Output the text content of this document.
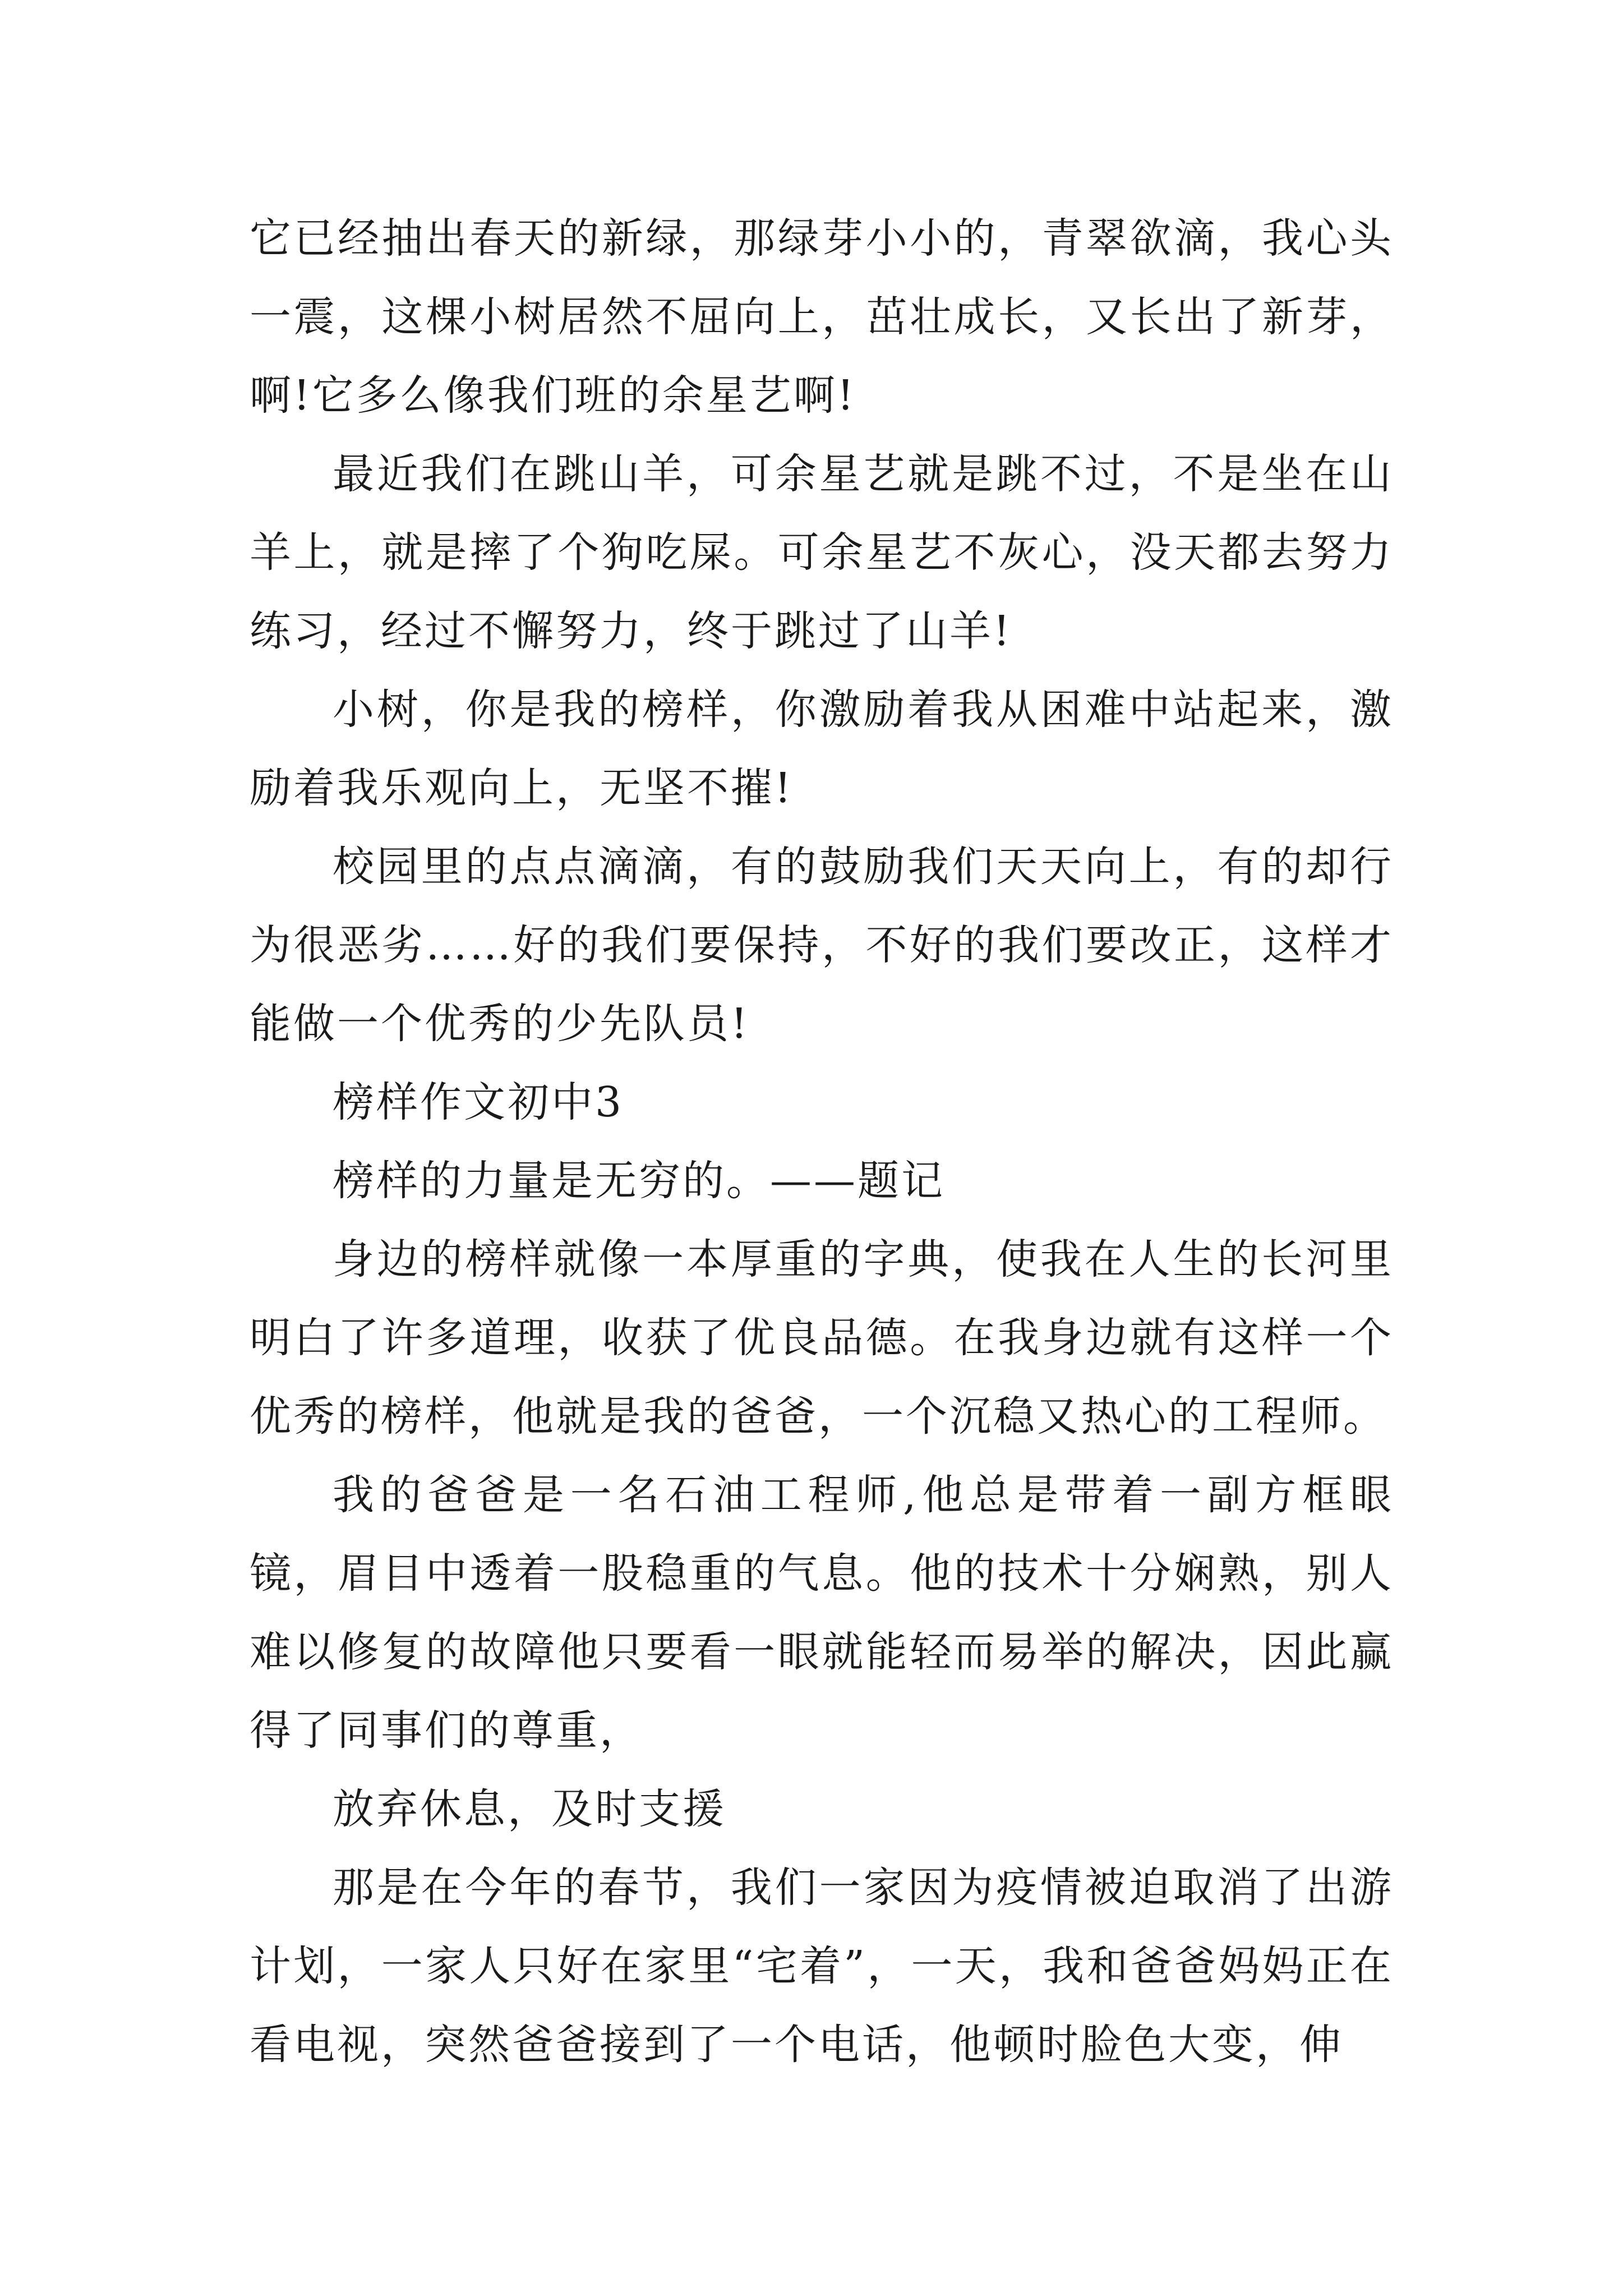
它已经抽出春天的新绿，那绿芽小小的，青翠欲滴，我心头一震，这棵小树居然不屈向上，茁壮成长，又长出了新芽，啊!它多么像我们班的余星艺啊!

最近我们在跳山羊，可余星艺就是跳不过，不是坐在山羊上，就是摔了个狗吃屎。可余星艺不灰心，没天都去努力练习，经过不懈努力，终于跳过了山羊!

小树，你是我的榜样，你激励着我从困难中站起来，激励着我乐观向上，无坚不摧!

校园里的点点滴滴，有的鼓励我们天天向上，有的却行为很恶劣……好的我们要保持，不好的我们要改正，这样才能做一个优秀的少先队员!

榜样作文初中3

榜样的力量是无穷的。——题记

身边的榜样就像一本厚重的字典，使我在人生的长河里明白了许多道理，收获了优良品德。在我身边就有这样一个优秀的榜样，他就是我的爸爸，一个沉稳又热心的工程师。

我的爸爸是一名石油工程师,他总是带着一副方框眼镜，眉目中透着一股稳重的气息。他的技术十分娴熟，别人难以修复的故障他只要看一眼就能轻而易举的解决，因此赢得了同事们的尊重，

放弃休息，及时支援

那是在今年的春节，我们一家因为疫情被迫取消了出游计划，一家人只好在家里“宅着”，一天，我和爸爸妈妈正在看电视，突然爸爸接到了一个电话，他顿时脸色大变，伸
